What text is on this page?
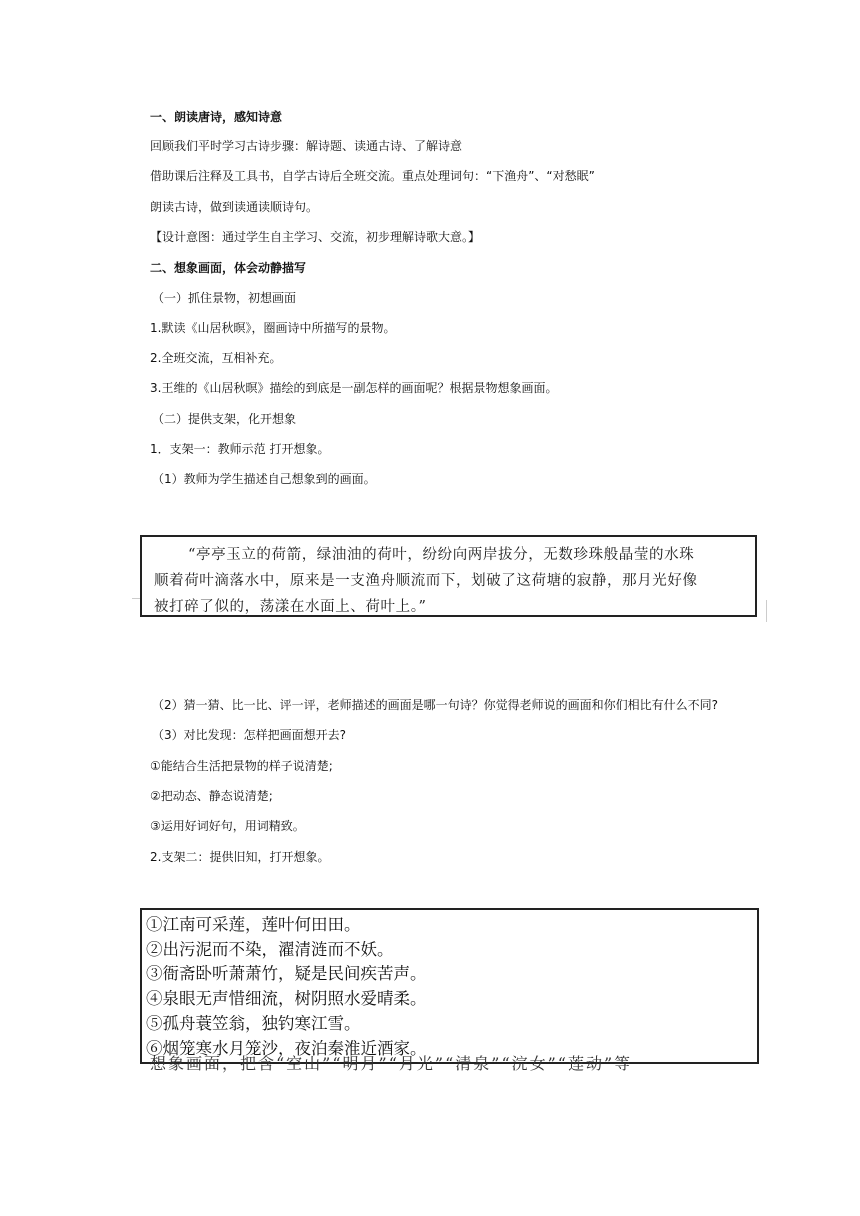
一、朗读唐诗，感知诗意
回顾我们平时学习古诗步骤：解诗题、读通古诗、了解诗意
借助课后注释及工具书，自学古诗后全班交流。重点处理词句：“下渔舟”、“对愁眠”
朗读古诗，做到读通读顺诗句。
【设计意图：通过学生自主学习、交流，初步理解诗歌大意。】
二、想象画面，体会动静描写
（一）抓住景物，初想画面
1.默读《山居秋暝》，圈画诗中所描写的景物。
2.全班交流，互相补充。
3.王维的《山居秋暝》描绘的到底是一副怎样的画面呢？根据景物想象画面。
（二）提供支架，化开想象
1．支架一：教师示范 打开想象。
（1）教师为学生描述自己想象到的画面。
“亭亭玉立的荷箭，绿油油的荷叶，纷纷向两岸拔分，无数珍珠般晶莹的水珠
顺着荷叶滴落水中，原来是一支渔舟顺流而下，划破了这荷塘的寂静，那月光好像
被打碎了似的，荡漾在水面上、荷叶上。”
（2）猜一猜、比一比、评一评，老师描述的画面是哪一句诗？你觉得老师说的画面和你们相比有什么不同?
（3）对比发现：怎样把画面想开去?
①能结合生活把景物的样子说清楚;
②把动态、静态说清楚;
③运用好词好句，用词精致。
2.支架二：提供旧知，打开想象。
①江南可采莲，莲叶何田田。
②出污泥而不染，濯清涟而不妖。
③衙斋卧听萧萧竹，疑是民间疾苦声。
④泉眼无声惜细流，树阴照水爱晴柔。
⑤孤舟蓑笠翁，独钓寒江雪。
⑥烟笼寒水月笼沙，夜泊秦淮近酒家。
想象画面，把含“空山”“明月”“月光”“清泉”“浣女”“莲动”等
